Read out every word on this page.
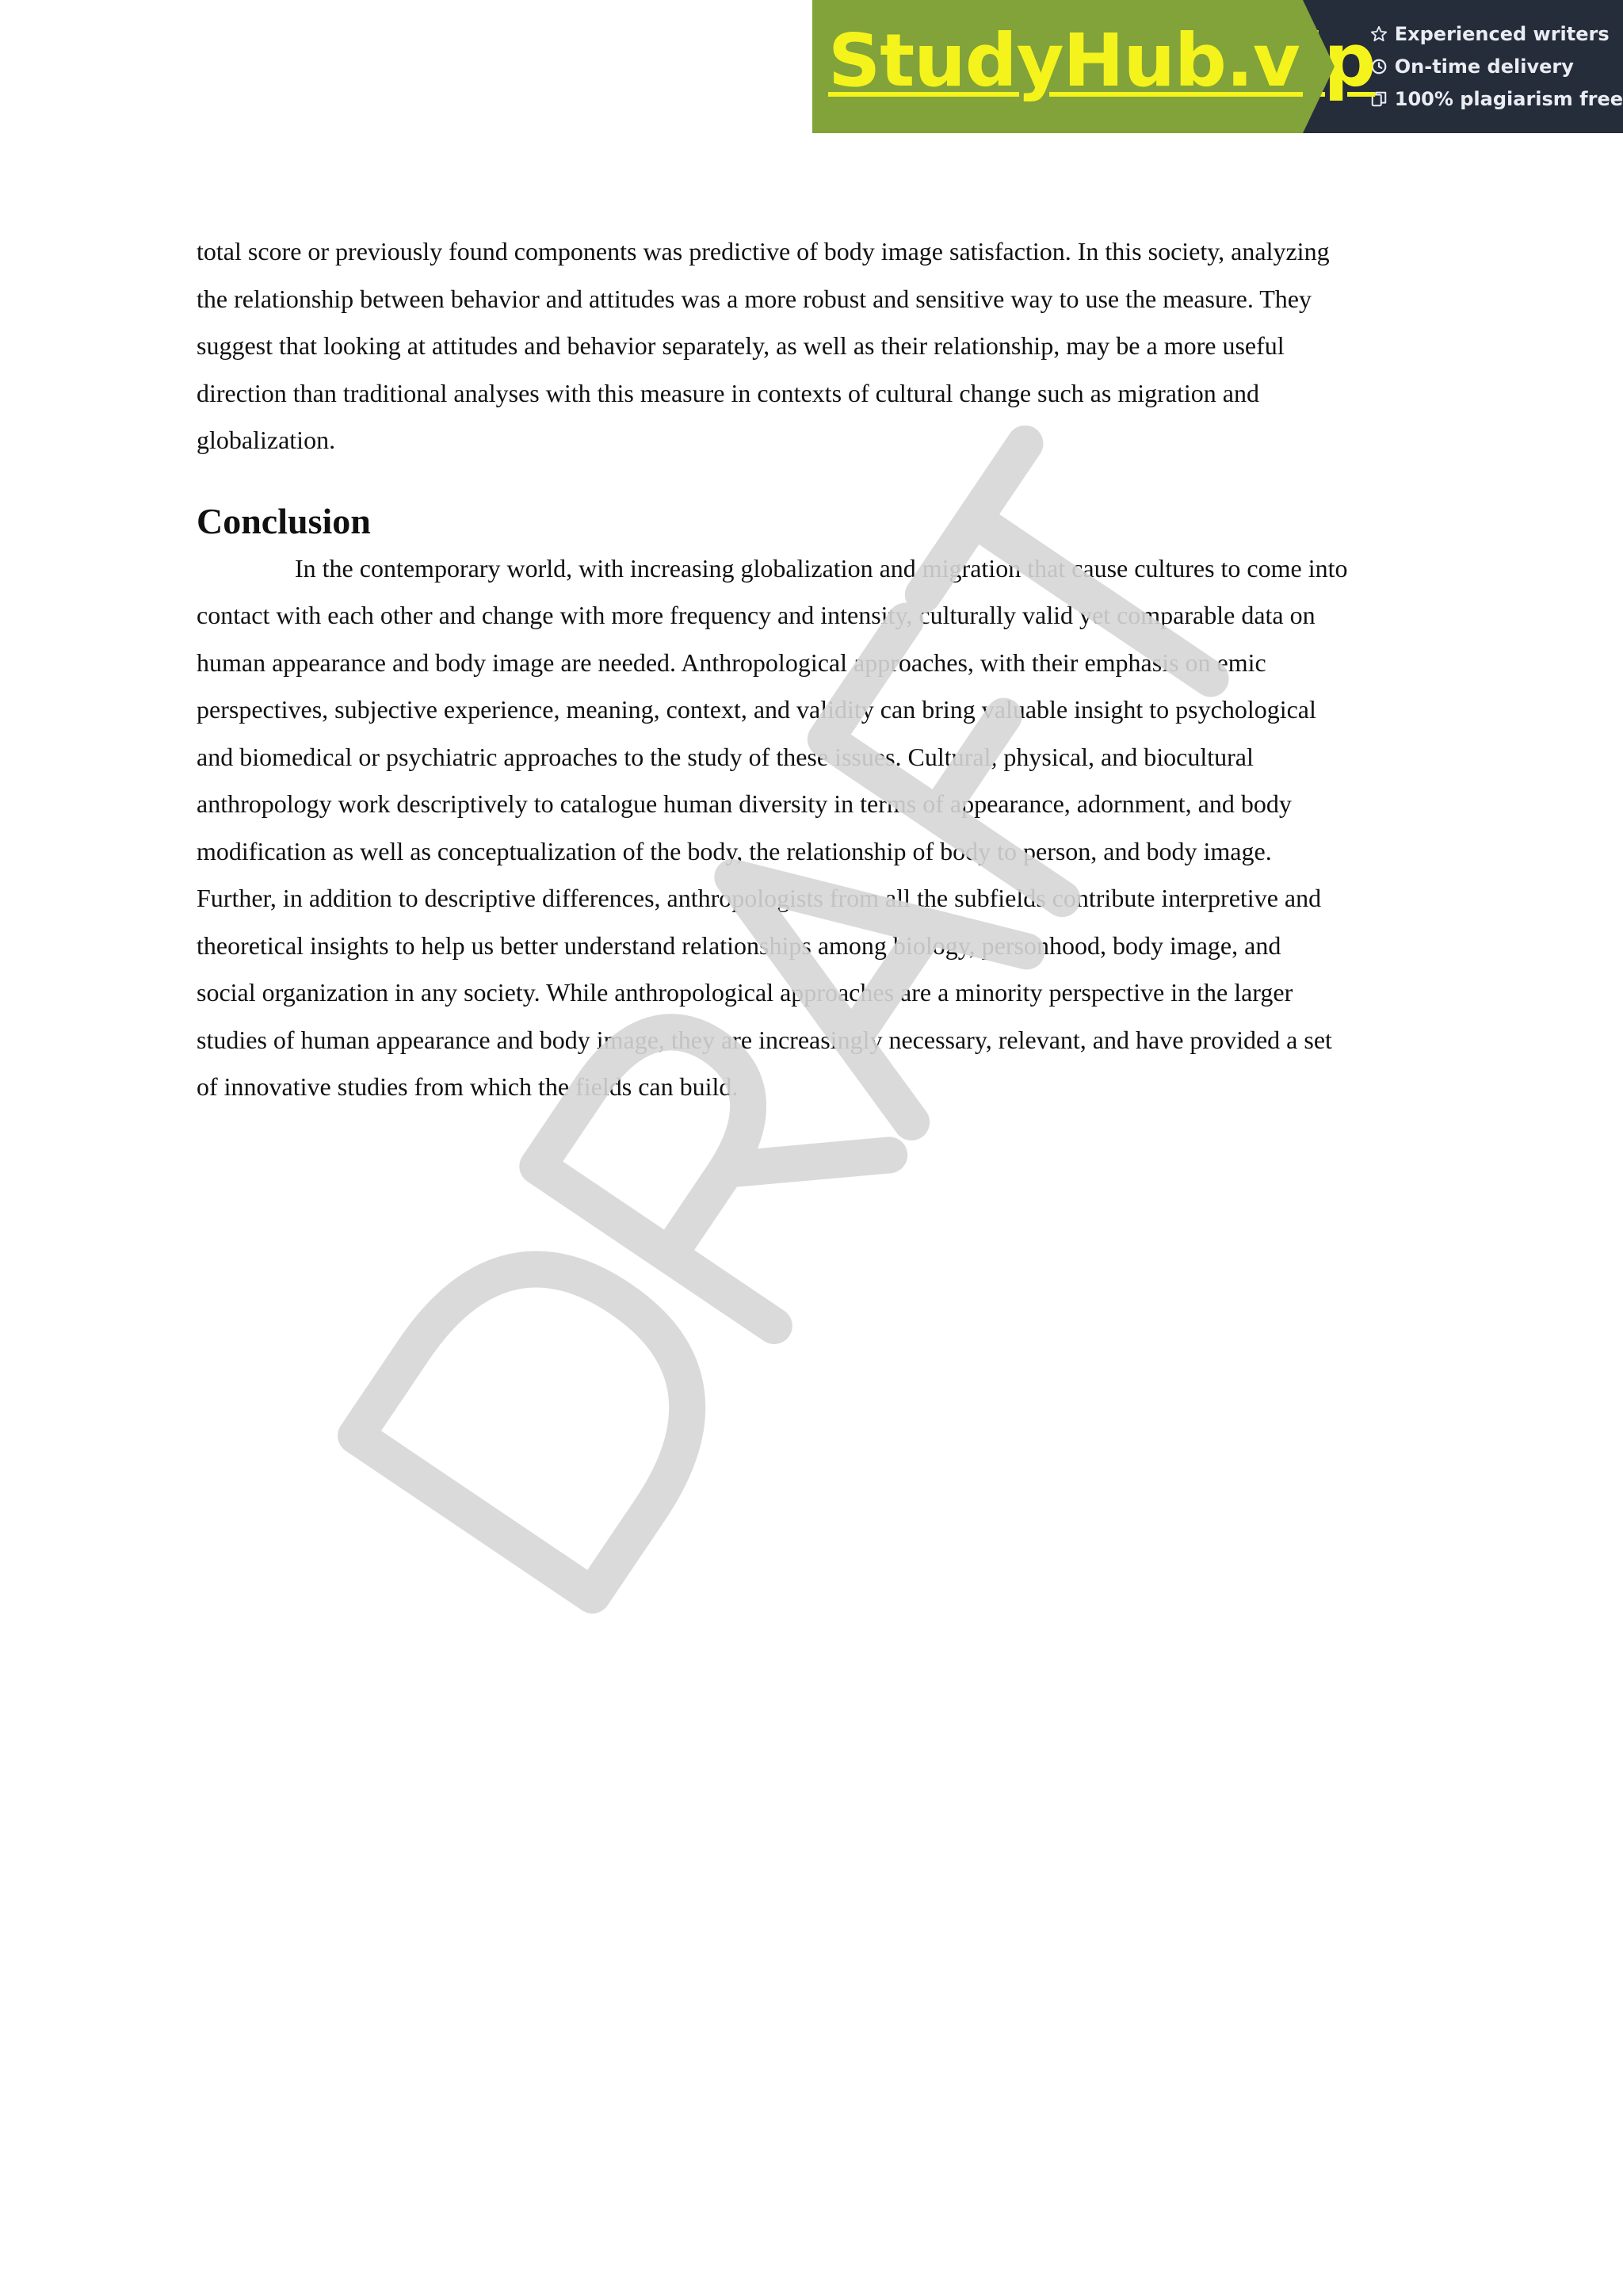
StudyHub.vip Experienced writers
On-time delivery
100% plagiarism free

total score or previously found components was predictive of body image satisfaction. In this society, analyzing
the relationship between behavior and attitudes was a more robust and sensitive way to use the measure. They
suggest that looking at attitudes and behavior separately, as well as their relationship, may be a more useful
direction than traditional analyses with this measure in contexts of cultural change such as migration and
globalization.

Conclusion

In the contemporary world, with increasing globalization and migration that cause cultures to come into
contact with each other and change with more frequency and intensity, culturally valid yet comparable data on
human appearance and body image are needed. Anthropological approaches, with their emphasis on emic
perspectives, subjective experience, meaning, context, and validity can bring valuable insight to psychological
and biomedical or psychiatric approaches to the study of these issues. Cultural, physical, and biocultural
anthropology work descriptively to catalogue human diversity in terms of appearance, adornment, and body
modification as well as conceptualization of the body, the relationship of body to person, and body image.
Further, in addition to descriptive differences, anthropologists from all the subfields contribute interpretive and
theoretical insights to help us better understand relationships among biology, personhood, body image, and
social organization in any society. While anthropological approaches are a minority perspective in the larger
studies of human appearance and body image, they are increasingly necessary, relevant, and have provided a set
of innovative studies from which the fields can build.
